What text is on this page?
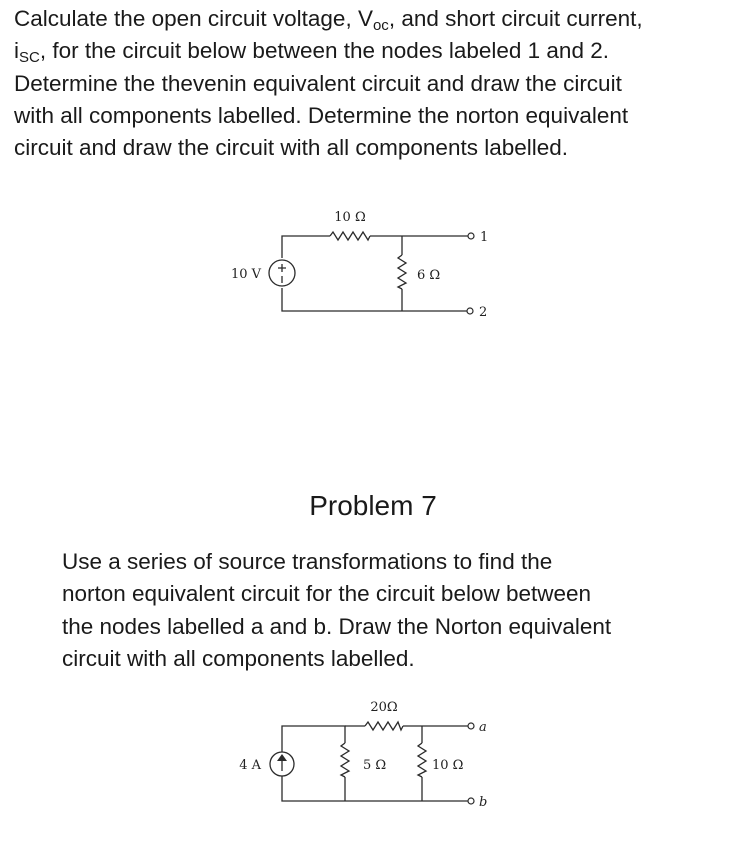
Calculate the open circuit voltage, $V_{oc}$, and short circuit current,
$i_{SC}$, for the circuit below between the nodes labeled 1 and 2.
Determine the thevenin equivalent circuit and draw the circuit
with all components labelled. Determine the norton equivalent
circuit and draw the circuit with all components labelled.
10 Ω
10 V	6 Ω
1
2
20Ω
4 A	5 Ω	10 Ω
a
b
Problem 7
Use a series of source transformations to find the
norton equivalent circuit for the circuit below between
the nodes labelled a and b. Draw the Norton equivalent
circuit with all components labelled.
